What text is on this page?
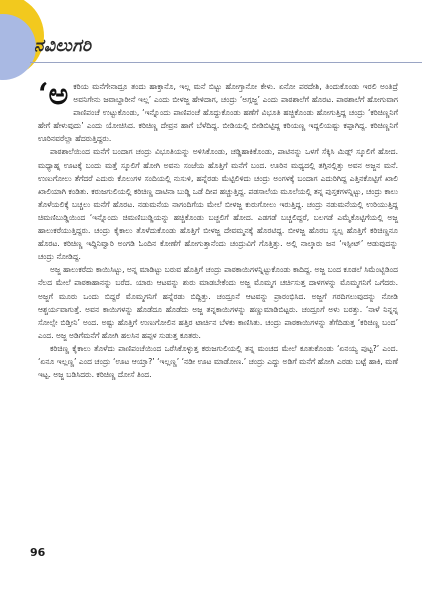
ನವಿಲುಗರಿ

‘ಅಕರಿಯ ಮನೆಗೇನಾದ್ರೂ ತಂದು ಹಾಕ್ತಾನೊ, ಇಲ್ಲ ಮನೆ ಬಿಟ್ಟು ಹೋಗ್ತಾನೋ ಕೇಳು. ಏನೋ ಪರದೇಶಿ, ತಿಂದುಕೊಂಡು ಇರಲಿ ಅಂತಿದ್ರೆ ಅವನಿಗೇನು ಜವಾಬ್ದಾರೀನೆ ಇಲ್ಲ’ ಎಂದು ಬೀಳಜ್ಜ ಹೇಳಿದಾಗ, ಚಂದ್ರು ‘ಅಗ್ಗಜ್ಜ’ ಎಂದು ಪಾಠಶಾಲೆಗೆ ಹೊರಟ. ಪಾಠಶಾಲೆಗೆ ಹೋಗುವಾಗ ಪಾಣಿಪಂಚೆ ಉಟ್ಟುಕೊಂಡು, ‘ಇನ್ನೊಂದು ಪಾಣಿಪಂಚೆ ಹೊದ್ದುಕೊಂಡು ಹಣೆಗೆ ವಿಭೂತಿ ಹಚ್ಚಿಕೊಂಡು ಹೋಗುತ್ತಿದ್ದ ಚಂದ್ರು ‘ಕರಿಚಿಣ್ಣನಿಗೆ ಹೇಗೆ ಹೇಳುವುದು’ ಎಂದು ಯೋಚಿಸಿದ. ಕರಿಚಿಣ್ಣ ದೇವ್ರನ ಹಾಗೆ ಬೆಳೆದಿದ್ದ. ಬೀಡಿಯಲ್ಲಿ ಬೀಡಿಬಿಟ್ಟಿದ್ದ ಕರಿಯಣ್ಣ ಇದ್ದಲಿಯಷ್ಟು ಕಪ್ಪಾಗಿದ್ದ. ಕರಿಚಿಣ್ಣನಿಗೆ ಊರಿನವರೆಲ್ಲಾ ಹೆದರುತ್ತಿದ್ದರು.

ಪಾಠಶಾಲೆಯಿಂದ ಮನೆಗೆ ಬಂದಾಗ ಚಂದ್ರು ವಿಭೂತಿಯನ್ನು ಅಳಿಸಿಕೊಂಡು, ಚಡ್ಡಿಹಾಕಿಕೊಂಡು, ಪಾಟಿನನ್ನು ಒಳಗೆ ಸೆಕ್ಕಿಸಿ ಮಿಡ್ಲ್ ಸ್ಕೂಲಿಗೆ ಹೋದ. ಮಧ್ಯಾಹ್ನ ಊಟಕ್ಕೆ ಬಂದು ಮತ್ತೆ ಸ್ಕೂಲಿಗೆ ಹೋಗಿ ಅವನು ಸಂಜೆಯ ಹೊತ್ತಿಗೆ ಮನೆಗೆ ಬಂದ. ಊರಿನ ಮಧ್ಯದಲ್ಲಿ ತಗ್ಗಿನಲ್ಲಿತ್ತು ಅವನ ಅಜ್ಜನ ಮನೆ. ಉಣುಗೋಲು ತೆಗೆದರೆ ಎದುರು ಕೊಲುಗಳ ಸಂದಿಯಲ್ಲಿ ನುಸುಳಿ, ಹನ್ನೆರಡು ಮೆಟ್ಟಿಲಿಳಿದು ಚಂದ್ರು ಅಂಗಳಕ್ಕೆ ಬಂದಾಗ ಎದುರಿಗಿದ್ದ ಎತ್ತಿನಕೊಟ್ಟಿಗೆ ಖಾಲಿ ಖಾಲಿಯಾಗಿ ಕಂಡಿತು. ಕರುಜಗುಲಿಯಲ್ಲಿ ಕರಿಚಿಣ್ಣ ದಾಟಿನಾ ಬುಡ್ಡಿ ಒಡೆ ದೀಪ ಹಚ್ಚುತ್ತಿದ್ದ. ಪಡಸಾಲೆಯ ಮೂಲೆಯಲ್ಲಿ ತನ್ನ ಪುಸ್ತಕಗಳನ್ನಿಟ್ಟು, ಚಂದ್ರು ಕಾಲು ತೊಳೆಯಲಿಕ್ಕೆ ಬಚ್ಚಲು ಮನೆಗೆ ಹೊರಟ. ನಡುಮನೆಯ ನಾಗಂದಿಗೆಯ ಮೇಲೆ ಬೀಳಜ್ಜ ಕುರುಗೋಲು ಇರುತ್ತಿದ್ದ. ಚಂದ್ರು ನಡುಮನೆಯಲ್ಲಿ ಉರಿಯುತ್ತಿದ್ದ ಚಿಮಣಿಬುಡ್ಡಿಯಿಂದ ‘ಇನ್ನೊಂದು ಚಿಮಣಿಬುಡ್ಡಿಯನ್ನು ಹಚ್ಚಿಕೊಂಡು ಬಚ್ಚಲಿಗೆ ಹೋದ. ಎಡಗಡೆ ಬಚ್ಚಲಿದ್ದರೆ, ಬಲಗಡೆ ಎಮ್ಮೆಕೊಟ್ಟಿಗೆಯಲ್ಲಿ ಅಜ್ಜ ಹಾಲುಕರೆಯುತ್ತಿದ್ದರು. ಚಂದ್ರು ಕೈಕಾಲು ತೊಳೆದುಕೊಂಡು ಹೊತ್ತಿಗೆ ಬೀಳಜ್ಜ ದೇವಮ್ಮನಕ್ಕೆ ಹೊರಟಿದ್ದ. ಬೀಳಜ್ಜ ಹೊರಬ ಸ್ವಲ್ಪ ಹೊತ್ತಿಗೆ ಕರಿಚಿಣ್ಣನೂ ಹೊರಟ. ಕರಿಚಿಣ್ಣ ಇದ್ದಿನಿವ್ವಾರಿ ಅಂಗಡಿ ಓಂದಿನ ಕೋಣೆಗೆ ಹೋಗುತ್ತಾನೆಂದು ಚಂದ್ರುವಿಗೆ ಗೊತ್ತಿತ್ತು. ಅಲ್ಲಿ ನಾಲ್ಕಾರು ಜನ ‘ಇಸ್ಪೀಟ್’ ಆಡುವುದನ್ನು ಚಂದ್ರು ನೋಡಿದ್ದ.

ಅಜ್ಜ ಹಾಲುಕರೆದು ಕಾಯಿಸಿಟ್ಟು, ಅನ್ನ ಮಾಡಿಟ್ಟು ಬರುವ ಹೊತ್ತಿಗೆ ಚಂದ್ರು ಪಾಠಕಾಯಿಗಳನ್ನಿಟ್ಟುಕೊಂಡು ಕಾದಿದ್ದ. ಅಜ್ಜ ಬಂದ ಕೂಡಲೆ ಸಿಮೆಂಟ್ಬಿಡಿಂದ ನೆಲದ ಮೇಲೆ ಪಾಠಕಾಹಾನನ್ನು ಬರೆದ. ಯಾರು ಆಟವನ್ನು ಶುರು ಮಾಡಬೇಕೆಂದು ಅಜ್ಜ ಮೊಮ್ಮಗ ಚರ್ಚಿಸುತ್ತ ದಾಳಗಳನ್ನು ಮೊಮ್ಮಗನಿಗೆ ಒಗೆದರು. ಅಜ್ಜಗೆ ಮೂರು ಒಂದು ಬಿದ್ದರೆ ಮೊಮ್ಮಗನಿಗೆ ಹನ್ನೆರಡು ಬಿದ್ದಿತ್ತು. ಚಂದ್ರೂನೆ ಆಟವನ್ನು ಪ್ರಾರಂಭಿಸಿದ. ಅಜ್ಜಗೆ ಗರದಿಗಲುವುದನ್ನು ನೋಡಿ ಆಶ್ಚರ್ಯವಾಗುತ್ತೆ. ಅವನ ಕಾಯಿಗಳನ್ನು ಹೊಡೆದೂ ಹೊಡೆದು ಅಜ್ಜ ತನ್ನಕಾಯಿಗಳನ್ನು ಹಣ್ಣುಮಾಡಿಬಿಟ್ಟರು. ಚಂದ್ರೂಗೆ ಅಳು ಬರತ್ತು. ‘ನಾಳೆ ನಿನ್ನನ್ನ ಸೋಲ್ಸೇ ಬಿಡ್ತೀನಿ’ ಅಂದ. ಅಷ್ಟು ಹೊತ್ತಿಗೆ ಉಣುಗೋಲಿನ ಹತ್ತಿರ ಟಾರ್ಚಿನ ಬೆಳಕು ಕಾಣಿಸಿತು. ಚಂದ್ರು ಪಾಠಕಾಯಿಗಳನ್ನು ತೆಗೆದಿಡುತ್ತ ‘ಕರಿಚಿಣ್ಣ ಬಂದ’ ಎಂದ. ಅಜ್ಜ ಅಡಿಗೆಮನೆಗೆ ಹೋಗಿ ಹಲಸಿನ ಹಪ್ಪಳ ಸುಡುತ್ತ ಕೂತರು.

ಕರಿಚಿಣ್ಣ ಕೈಕಾಲು ತೊಳೆದು ಪಾಣಿಪಂಚೆಯಿಂದ ಒರೆಸಿಕೊಳ್ಳುತ್ತ ಕರುಜಗುಲಿಯಲ್ಲಿ ತನ್ನ ಮಂಚದ ಮೇಲೆ ಕೂತುಕೊಂಡು ‘ಏನಯ್ಯ ಪುಟ್ಟ?’ ಎಂದ. ‘ಏನೂ ಇಲ್ಲಣ್ಣ’ ಎಂದ ಚಂದ್ರು ‘ಊಟ ಆಯ್ತಾ?’ ‘ಇಲ್ಲಣ್ಣ’ ‘ನಡೀ ಊಟ ಮಾಡೋಣ.’ ಚಂದ್ರು ಎದ್ದು ಅಡಿಗೆ ಮನೆಗೆ ಹೋಗಿ ಎರಡು ಬಟ್ಟೆ ಹಾಕಿ, ಮಣೆ ಇಟ್ಟ. ಅಜ್ಜ ಬಡಿಸಿದರು. ಕರಿಚಿಣ್ಣ ದೋಸೆ ತಿಂದ.

96
